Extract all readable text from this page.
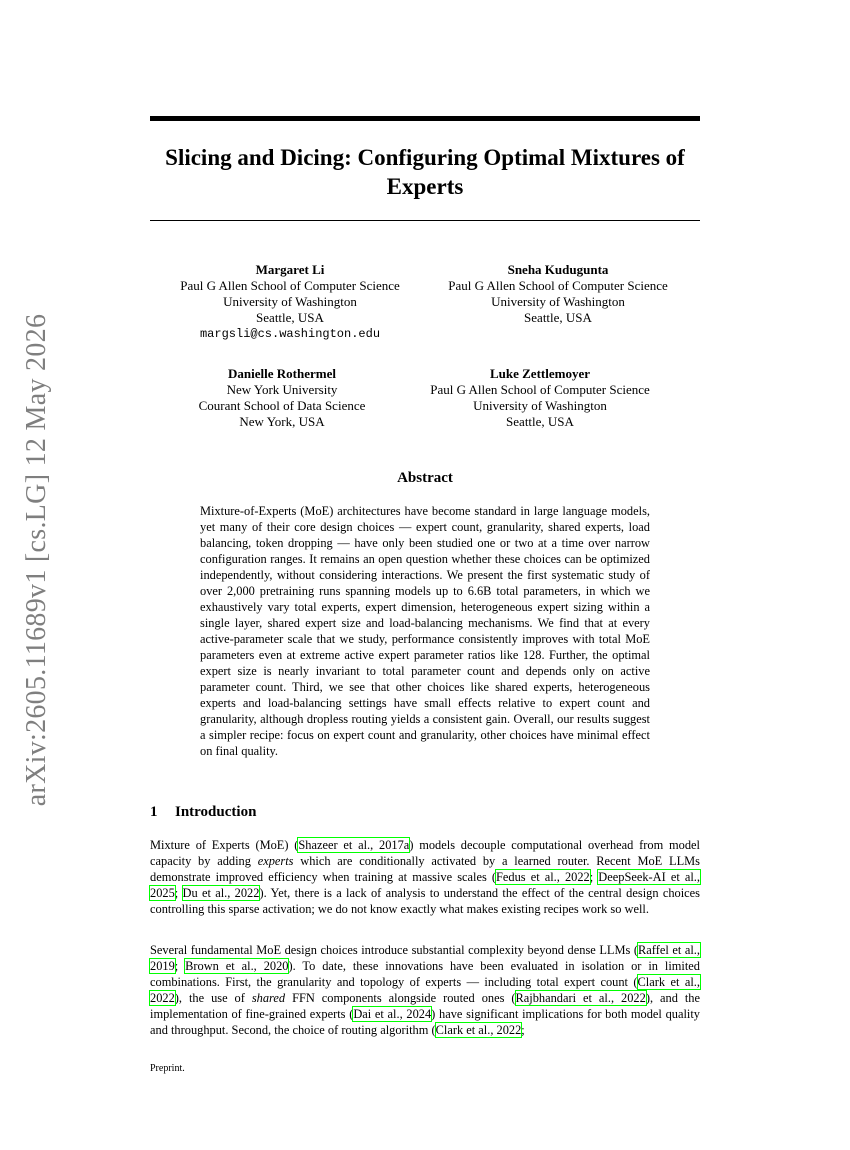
arXiv:2605.11689v1 [cs.LG] 12 May 2026
Slicing and Dicing: Configuring Optimal Mixtures of Experts
Margaret Li
Paul G Allen School of Computer Science
University of Washington
Seattle, USA
margsli@cs.washington.edu
Sneha Kudugunta
Paul G Allen School of Computer Science
University of Washington
Seattle, USA
Danielle Rothermel
New York University
Courant School of Data Science
New York, USA
Luke Zettlemoyer
Paul G Allen School of Computer Science
University of Washington
Seattle, USA
Abstract
Mixture-of-Experts (MoE) architectures have become standard in large language models, yet many of their core design choices — expert count, granularity, shared experts, load balancing, token dropping — have only been studied one or two at a time over narrow configuration ranges. It remains an open question whether these choices can be optimized independently, without considering interactions. We present the first systematic study of over 2,000 pretraining runs spanning models up to 6.6B total parameters, in which we exhaustively vary total experts, expert dimension, heterogeneous expert sizing within a single layer, shared expert size and load-balancing mechanisms. We find that at every active-parameter scale that we study, performance consistently improves with total MoE parameters even at extreme active expert parameter ratios like 128. Further, the optimal expert size is nearly invariant to total parameter count and depends only on active parameter count. Third, we see that other choices like shared experts, heterogeneous experts and load-balancing settings have small effects relative to expert count and granularity, although dropless routing yields a consistent gain. Overall, our results suggest a simpler recipe: focus on expert count and granularity, other choices have minimal effect on final quality.
1 Introduction
Mixture of Experts (MoE) (Shazeer et al., 2017a) models decouple computational overhead from model capacity by adding experts which are conditionally activated by a learned router. Recent MoE LLMs demonstrate improved efficiency when training at massive scales (Fedus et al., 2022; DeepSeek-AI et al., 2025; Du et al., 2022). Yet, there is a lack of analysis to understand the effect of the central design choices controlling this sparse activation; we do not know exactly what makes existing recipes work so well.
Several fundamental MoE design choices introduce substantial complexity beyond dense LLMs (Raffel et al., 2019; Brown et al., 2020). To date, these innovations have been evaluated in isolation or in limited combinations. First, the granularity and topology of experts — including total expert count (Clark et al., 2022), the use of shared FFN components alongside routed ones (Rajbhandari et al., 2022), and the implementation of fine-grained experts (Dai et al., 2024) have significant implications for both model quality and throughput. Second, the choice of routing algorithm (Clark et al., 2022;
Preprint.
